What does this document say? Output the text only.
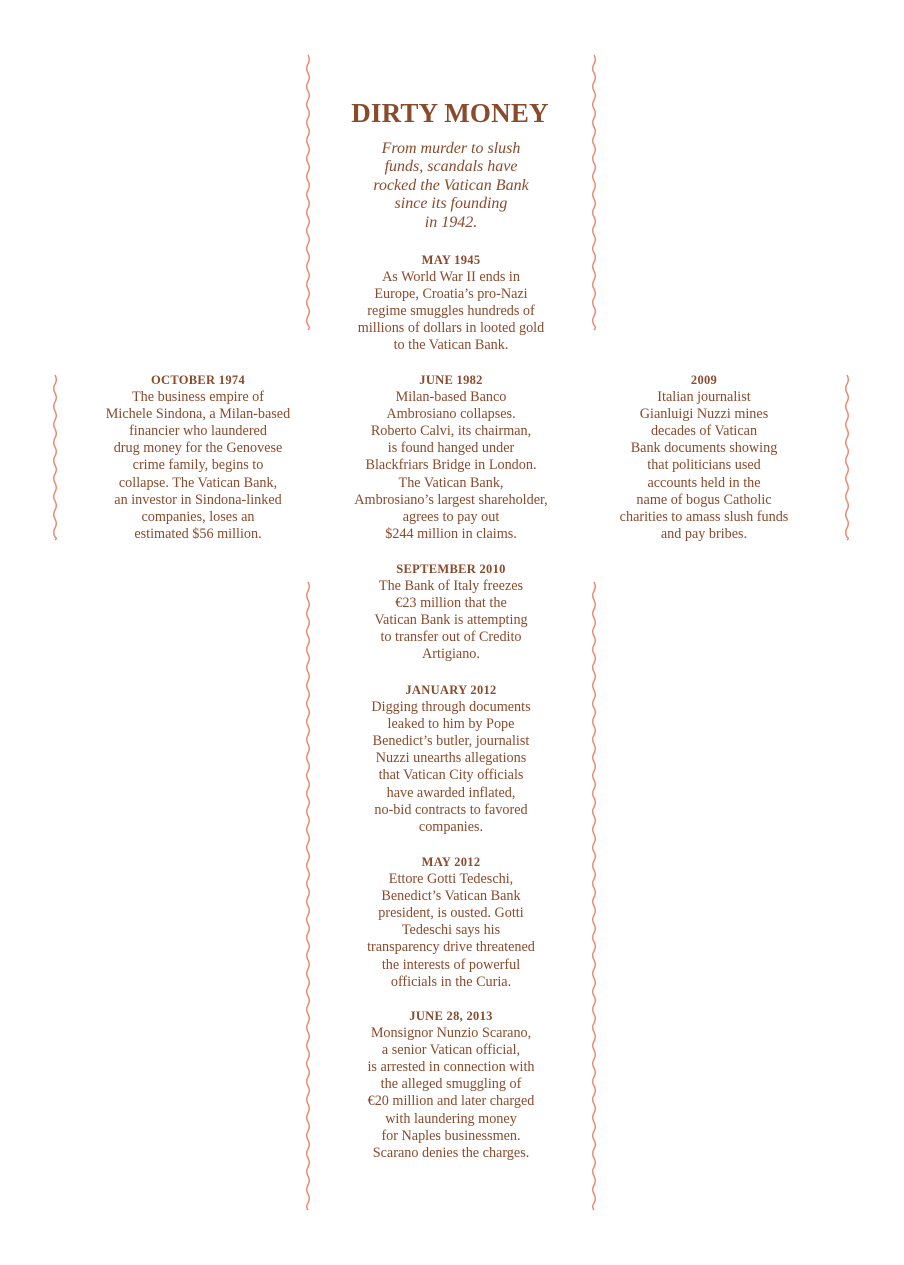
DIRTY MONEY
From murder to slush
funds, scandals have
rocked the Vatican Bank
since its founding
in 1942.
MAY 1945
As World War II ends in
Europe, Croatia’s pro-Nazi
regime smuggles hundreds of
millions of dollars in looted gold
to the Vatican Bank.
OCTOBER 1974
The business empire of
Michele Sindona, a Milan-based
financier who laundered
drug money for the Genovese
crime family, begins to
collapse. The Vatican Bank,
an investor in Sindona-linked
companies, loses an
estimated $56 million.
JUNE 1982
Milan-based Banco
Ambrosiano collapses.
Roberto Calvi, its chairman,
is found hanged under
Blackfriars Bridge in London.
The Vatican Bank,
Ambrosiano’s largest shareholder,
agrees to pay out
$244 million in claims.
2009
Italian journalist
Gianluigi Nuzzi mines
decades of Vatican
Bank documents showing
that politicians used
accounts held in the
name of bogus Catholic
charities to amass slush funds
and pay bribes.
SEPTEMBER 2010
The Bank of Italy freezes
€23 million that the
Vatican Bank is attempting
to transfer out of Credito
Artigiano.
JANUARY 2012
Digging through documents
leaked to him by Pope
Benedict’s butler, journalist
Nuzzi unearths allegations
that Vatican City officials
have awarded inflated,
no-bid contracts to favored
companies.
MAY 2012
Ettore Gotti Tedeschi,
Benedict’s Vatican Bank
president, is ousted. Gotti
Tedeschi says his
transparency drive threatened
the interests of powerful
officials in the Curia.
JUNE 28, 2013
Monsignor Nunzio Scarano,
a senior Vatican official,
is arrested in connection with
the alleged smuggling of
€20 million and later charged
with laundering money
for Naples businessmen.
Scarano denies the charges.
